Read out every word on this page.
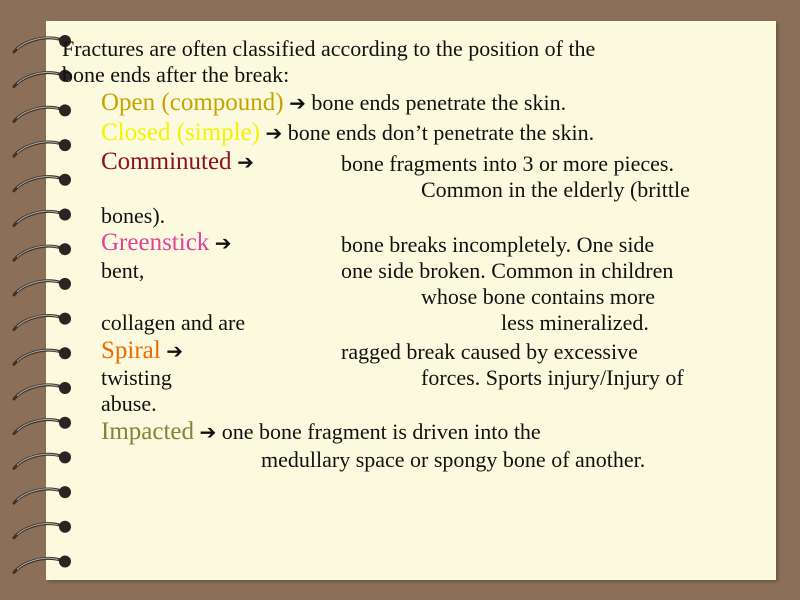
Fractures are often classified according to the position of the
bone ends after the break:
Open (compound) ➔ bone ends penetrate the skin.
Closed (simple) ➔ bone ends don’t penetrate the skin.
Comminuted ➔	bone fragments into 3 or more pieces.
Common in the elderly (brittle
bones).
Greenstick ➔	bone breaks incompletely. One side
bent,	one side broken. Common in children
whose bone contains more
collagen and are	less mineralized.
Spiral ➔	ragged break caused by excessive
twisting	forces. Sports injury/Injury of
abuse.
Impacted ➔ one bone fragment is driven into the
medullary space or spongy bone of another.
